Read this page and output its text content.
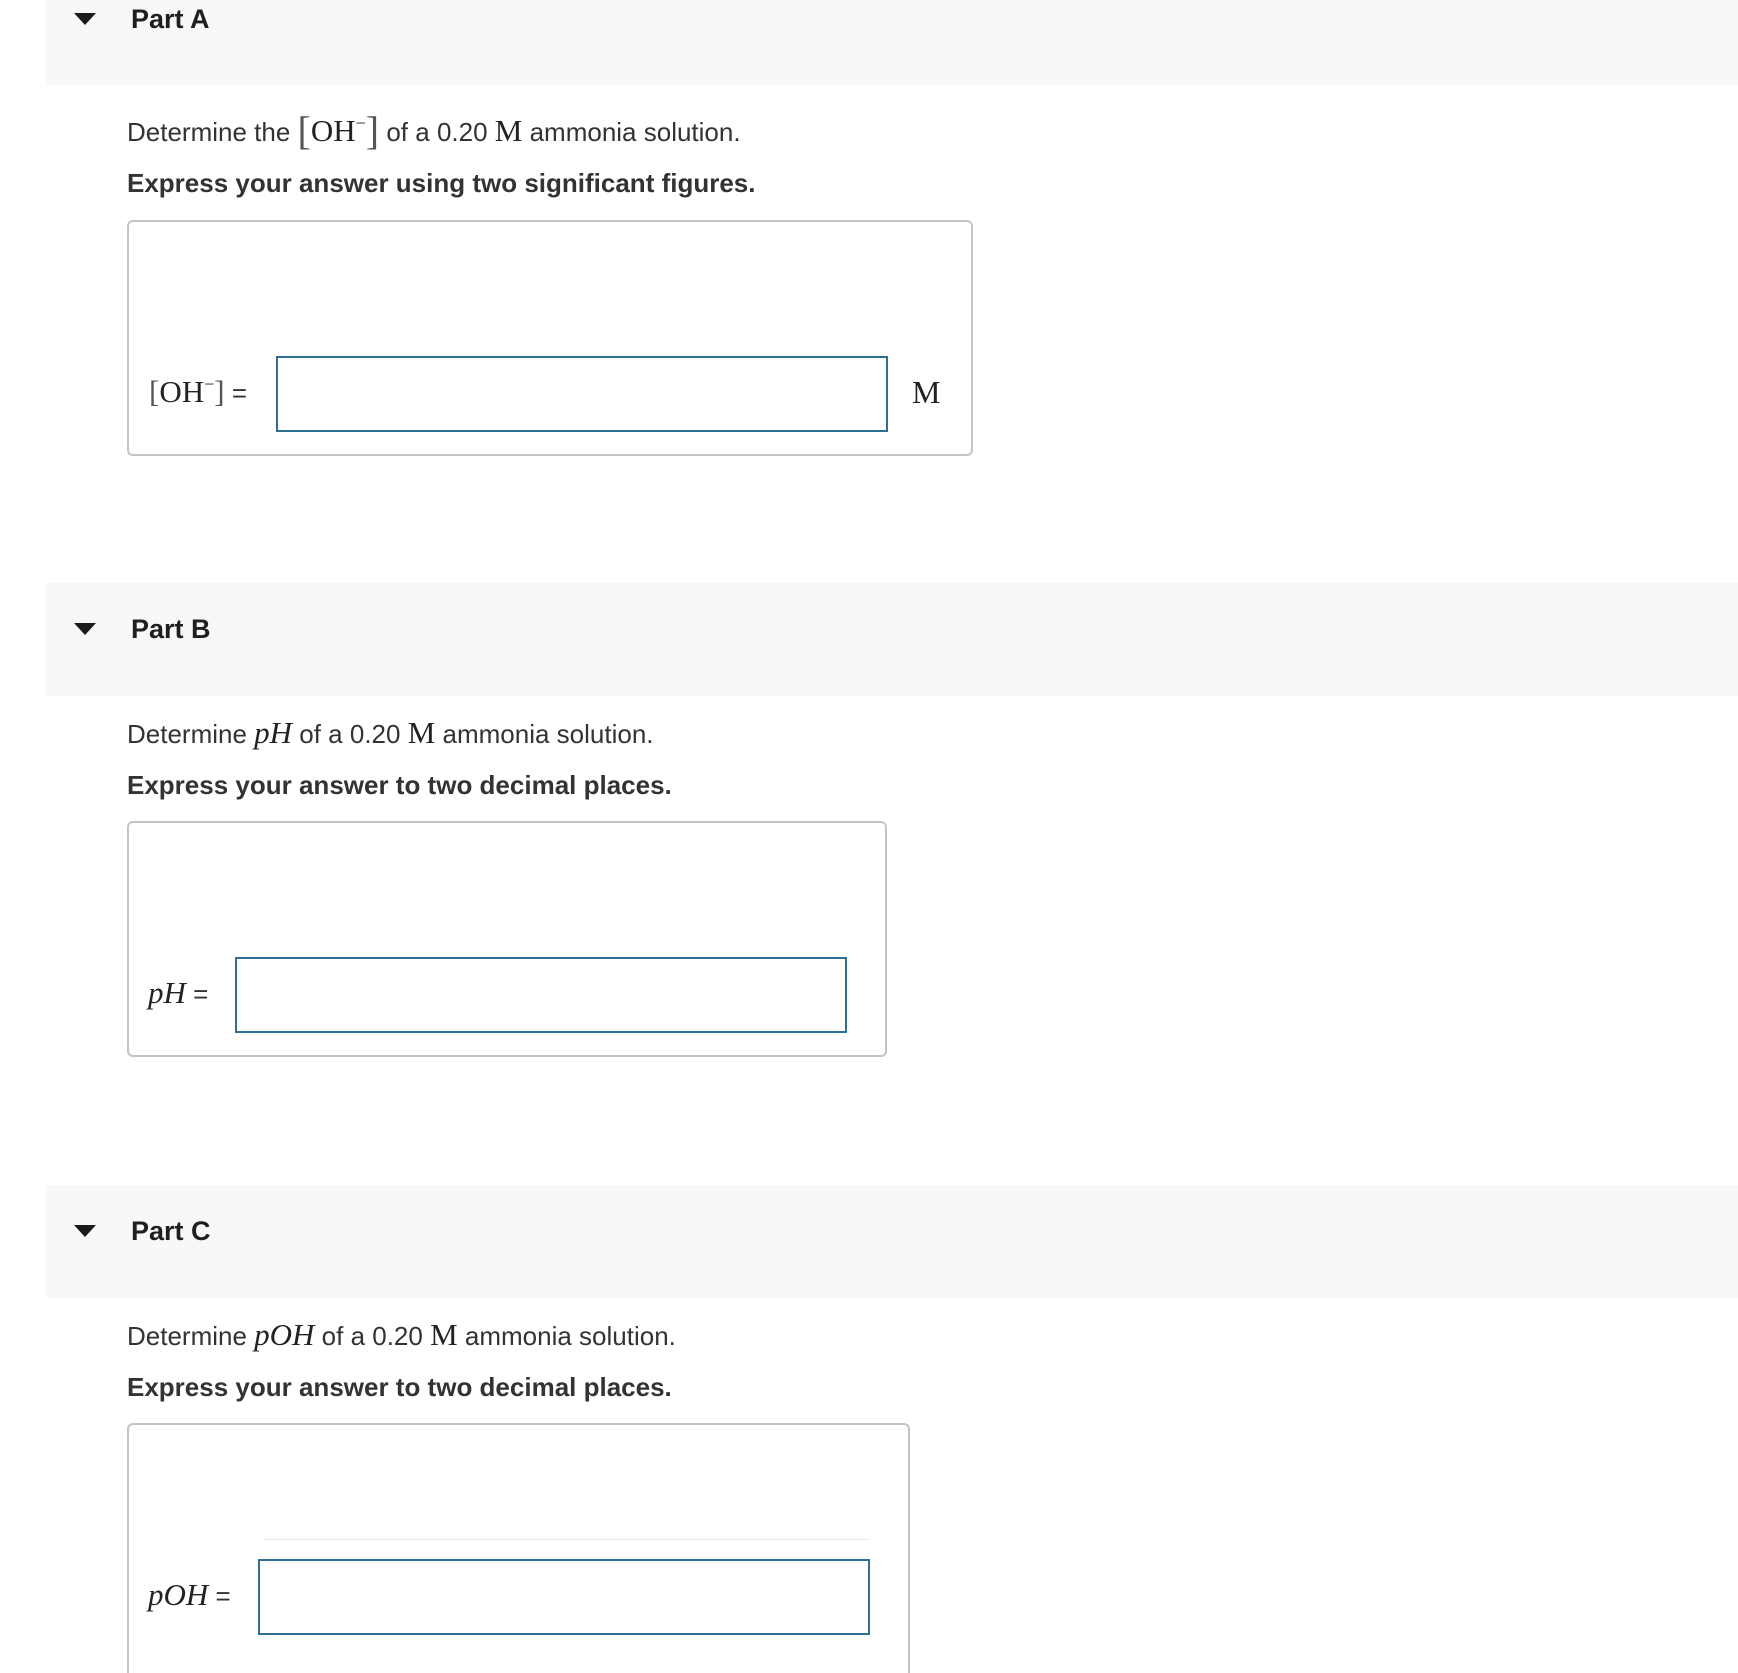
Part A
Determine the [OH−] of a 0.20 M ammonia solution.
Express your answer using two significant figures.
[OH−] =	M
Part B
Determine pH of a 0.20 M ammonia solution.
Express your answer to two decimal places.
pH =
Part C
Determine pOH of a 0.20 M ammonia solution.
Express your answer to two decimal places.
pOH =
